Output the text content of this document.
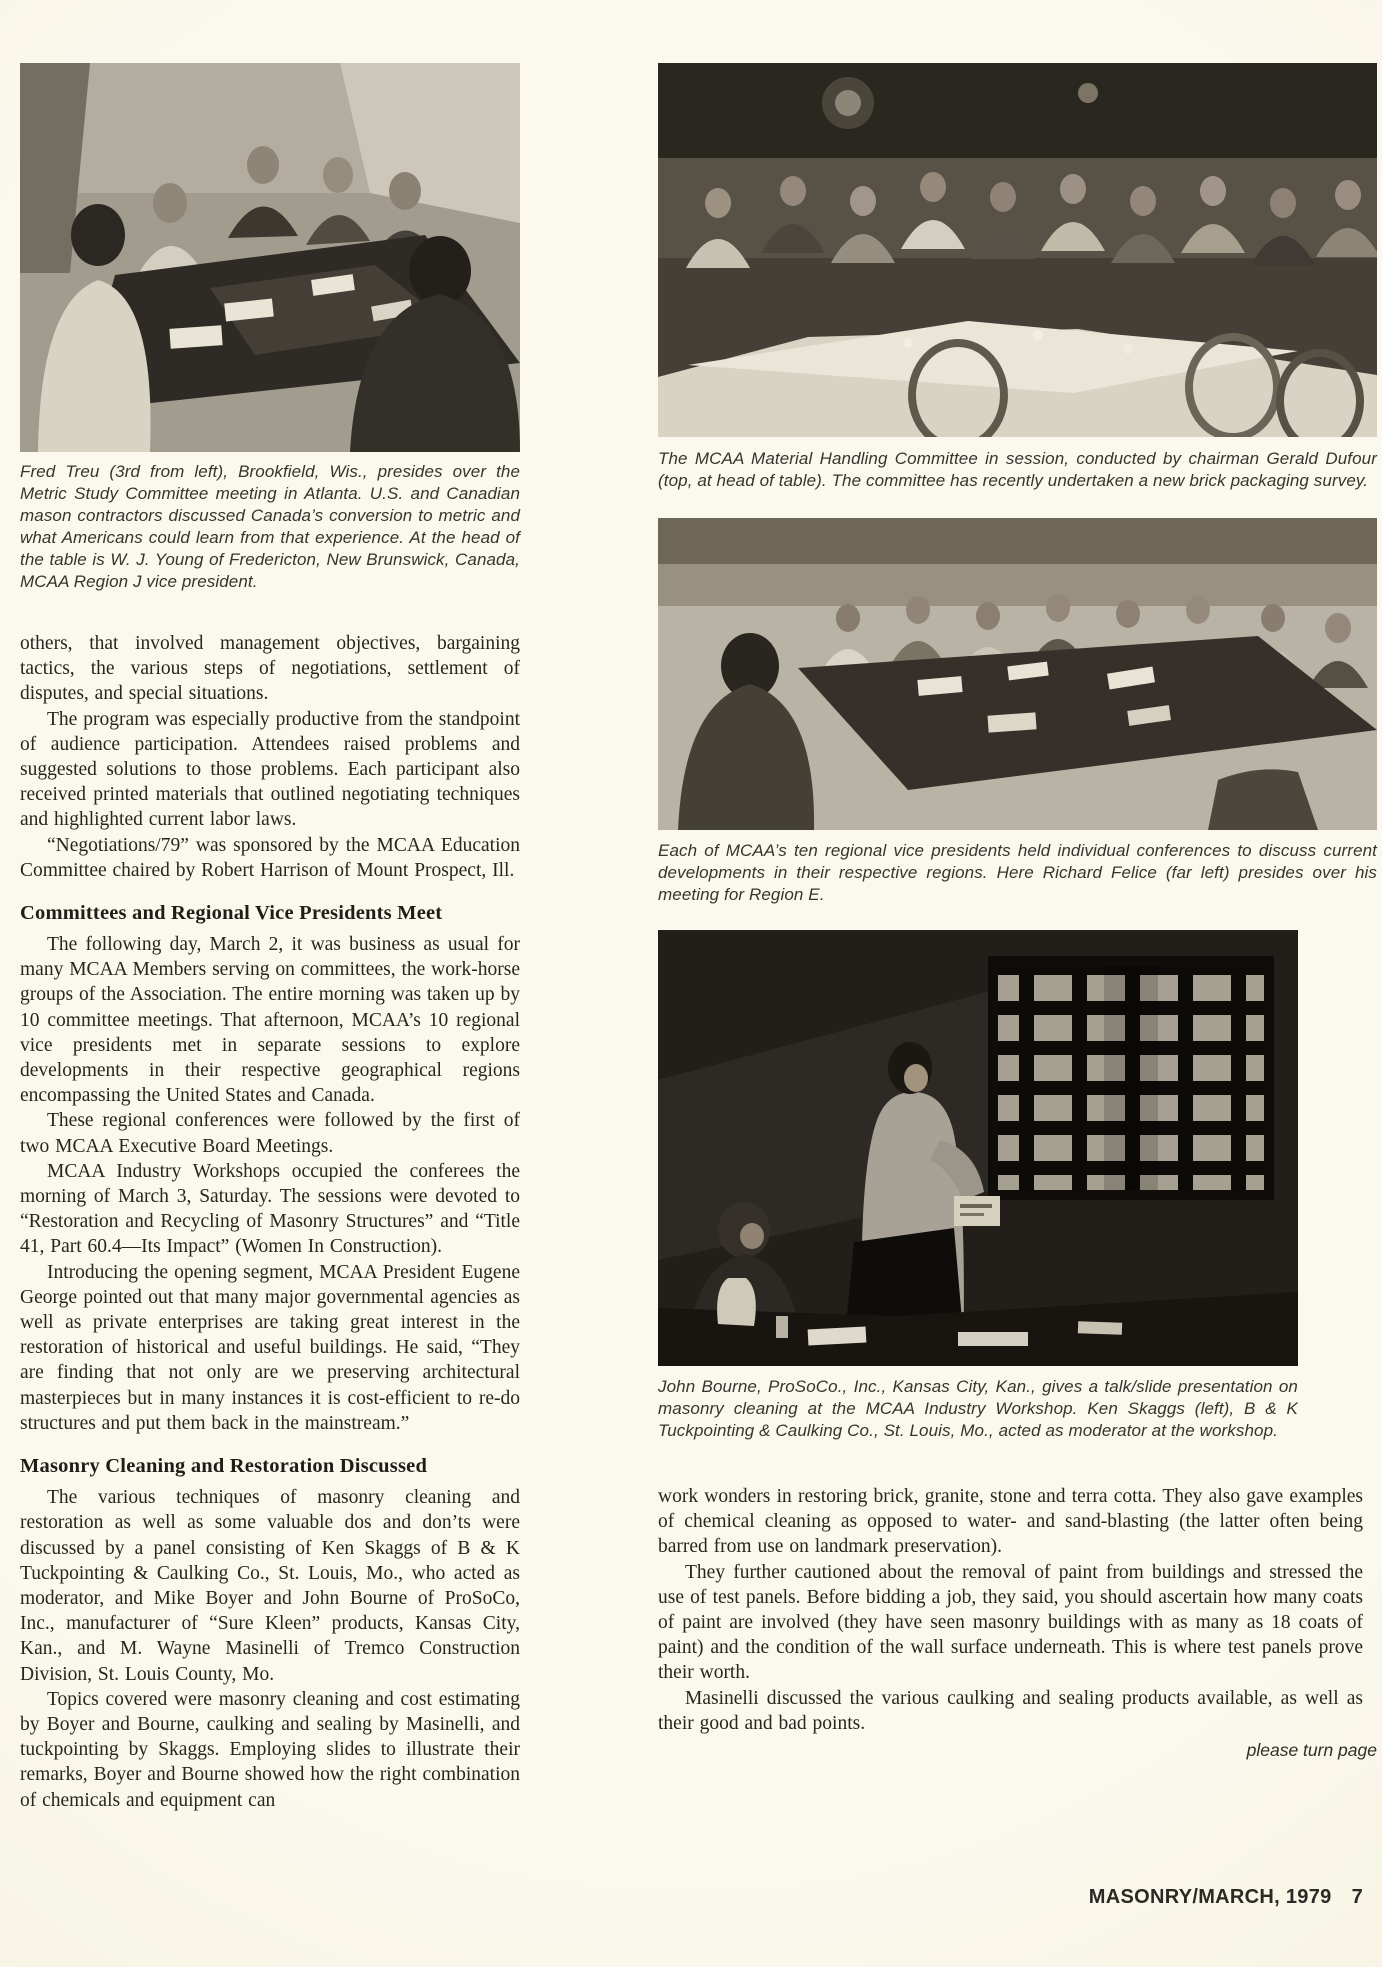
Fred Treu (3rd from left), Brookfield, Wis., presides over the Metric Study Committee meeting in Atlanta. U.S. and Canadian mason contractors discussed Canada’s conversion to metric and what Americans could learn from that experience. At the head of the table is W. J. Young of Fredericton, New Brunswick, Canada, MCAA Region J vice president.

others, that involved management objectives, bargaining tactics, the various steps of negotiations, settlement of disputes, and special situations.

The program was especially productive from the standpoint of audience participation. Attendees raised problems and suggested solutions to those problems. Each participant also received printed materials that outlined negotiating techniques and highlighted current labor laws.

“Negotiations/79” was sponsored by the MCAA Education Committee chaired by Robert Harrison of Mount Prospect, Ill.

Committees and Regional Vice Presidents Meet

The following day, March 2, it was business as usual for many MCAA Members serving on committees, the work-horse groups of the Association. The entire morning was taken up by 10 committee meetings. That afternoon, MCAA’s 10 regional vice presidents met in separate sessions to explore developments in their respective geographical regions encompassing the United States and Canada.

These regional conferences were followed by the first of two MCAA Executive Board Meetings.

MCAA Industry Workshops occupied the conferees the morning of March 3, Saturday. The sessions were devoted to “Restoration and Recycling of Masonry Structures” and “Title 41, Part 60.4—Its Impact” (Women In Construction).

Introducing the opening segment, MCAA President Eugene George pointed out that many major governmental agencies as well as private enterprises are taking great interest in the restoration of historical and useful buildings. He said, “They are finding that not only are we preserving architectural masterpieces but in many instances it is cost-efficient to re-do structures and put them back in the mainstream.”

Masonry Cleaning and Restoration Discussed

The various techniques of masonry cleaning and restoration as well as some valuable dos and don’ts were discussed by a panel consisting of Ken Skaggs of B & K Tuckpointing & Caulking Co., St. Louis, Mo., who acted as moderator, and Mike Boyer and John Bourne of ProSoCo, Inc., manufacturer of “Sure Kleen” products, Kansas City, Kan., and M. Wayne Masinelli of Tremco Construction Division, St. Louis County, Mo.

Topics covered were masonry cleaning and cost estimating by Boyer and Bourne, caulking and sealing by Masinelli, and tuckpointing by Skaggs. Employing slides to illustrate their remarks, Boyer and Bourne showed how the right combination of chemicals and equipment can

The MCAA Material Handling Committee in session, conducted by chairman Gerald Dufour (top, at head of table). The committee has recently undertaken a new brick packaging survey.
Each of MCAA’s ten regional vice presidents held individual conferences to discuss current developments in their respective regions. Here Richard Felice (far left) presides over his meeting for Region E.
John Bourne, ProSoCo., Inc., Kansas City, Kan., gives a talk/slide presentation on masonry cleaning at the MCAA Industry Workshop. Ken Skaggs (left), B & K Tuckpointing & Caulking Co., St. Louis, Mo., acted as moderator at the workshop.

work wonders in restoring brick, granite, stone and terra cotta. They also gave examples of chemical cleaning as opposed to water- and sand-blasting (the latter often being barred from use on landmark preservation).

They further cautioned about the removal of paint from buildings and stressed the use of test panels. Before bidding a job, they said, you should ascertain how many coats of paint are involved (they have seen masonry buildings with as many as 18 coats of paint) and the condition of the wall surface underneath. This is where test panels prove their worth.

Masinelli discussed the various caulking and sealing products available, as well as their good and bad points.

please turn page
MASONRY/MARCH, 1979 7
